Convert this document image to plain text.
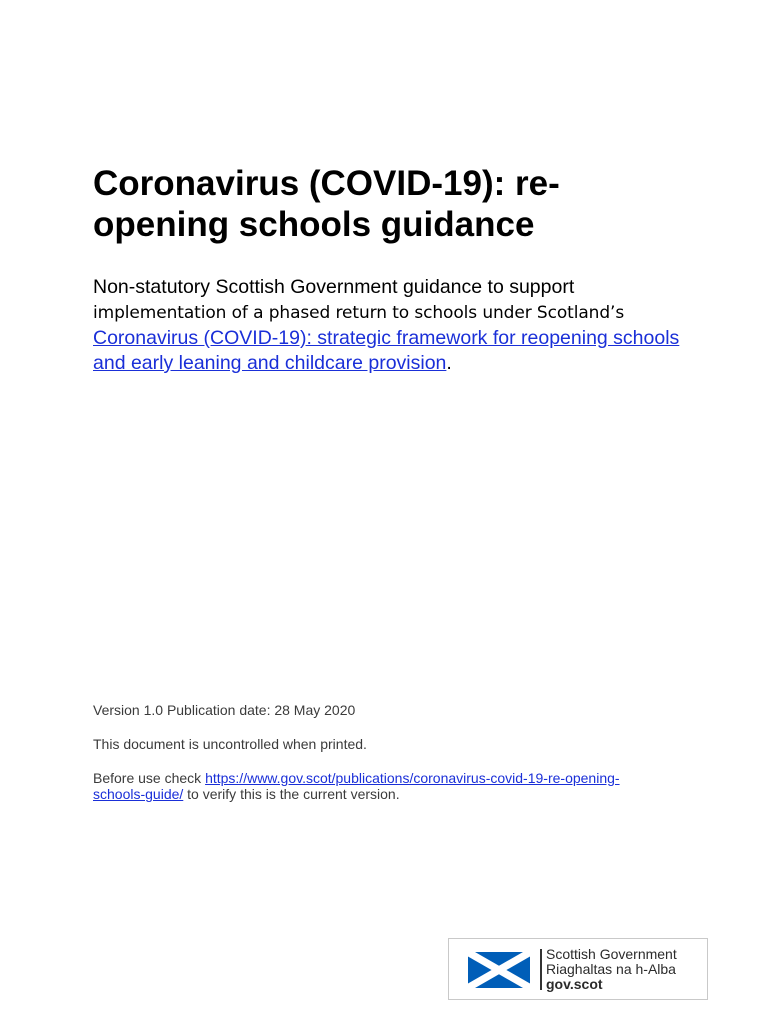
Coronavirus (COVID-19): re-opening schools guidance

Non-statutory Scottish Government guidance to support
implementation of a phased return to schools under Scotland’s
Coronavirus (COVID-19): strategic framework for reopening schools and early leaning and childcare provision.

Version 1.0 Publication date: 28 May 2020

This document is uncontrolled when printed.

Before use check https://www.gov.scot/publications/coronavirus-covid-19-re-opening-schools-guide/ to verify this is the current version.

Scottish Government
Riaghaltas na h-Alba
gov.scot
